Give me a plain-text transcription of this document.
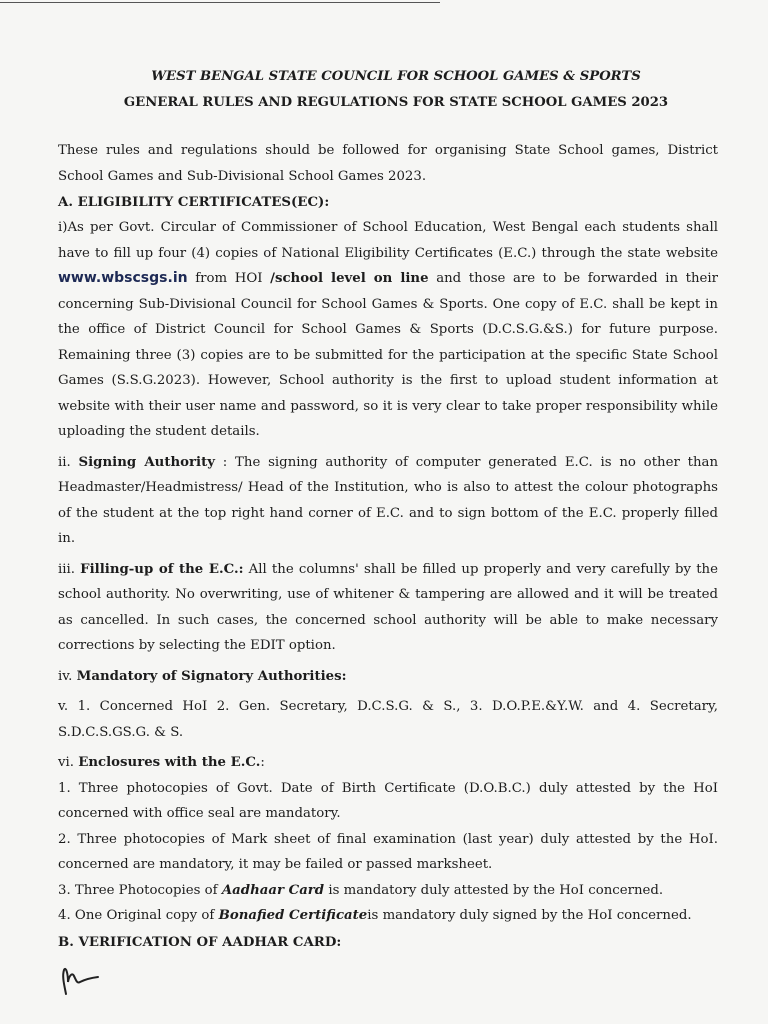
WEST BENGAL STATE COUNCIL FOR SCHOOL GAMES & SPORTS

GENERAL RULES AND REGULATIONS FOR STATE SCHOOL GAMES 2023

These rules and regulations should be followed for organising State School games, District School Games and Sub-Divisional School Games 2023.

A. ELIGIBILITY CERTIFICATES(EC):

i)As per Govt. Circular of Commissioner of School Education, West Bengal each students shall have to fill up four (4) copies of National Eligibility Certificates (E.C.) through the state website www.wbscsgs.in from HOI /school level on line and those are to be forwarded in their concerning Sub-Divisional Council for School Games & Sports. One copy of E.C. shall be kept in the office of District Council for School Games & Sports (D.C.S.G.&S.) for future purpose. Remaining three (3) copies are to be submitted for the participation at the specific State School Games (S.S.G.2023). However, School authority is the first to upload student information at website with their user name and password, so it is very clear to take proper responsibility while uploading the student details.

ii. Signing Authority : The signing authority of computer generated E.C. is no other than Headmaster/Headmistress/ Head of the Institution, who is also to attest the colour photographs of the student at the top right hand corner of E.C. and to sign bottom of the E.C. properly filled in.

iii. Filling-up of the E.C.: All the columns' shall be filled up properly and very carefully by the school authority. No overwriting, use of whitener & tampering are allowed and it will be treated as cancelled. In such cases, the concerned school authority will be able to make necessary corrections by selecting the EDIT option.

iv. Mandatory of Signatory Authorities:

v. 1. Concerned HoI 2. Gen. Secretary, D.C.S.G. & S., 3. D.O.P.E.&Y.W. and 4. Secretary, S.D.C.S.GS.G. & S.

vi. Enclosures with the E.C.:

1. Three photocopies of Govt. Date of Birth Certificate (D.O.B.C.) duly attested by the HoI concerned with office seal are mandatory.

2. Three photocopies of Mark sheet of final examination (last year) duly attested by the HoI. concerned are mandatory, it may be failed or passed marksheet.

3. Three Photocopies of Aadhaar Card is mandatory duly attested by the HoI concerned.

4. One Original copy of Bonafied Certificateis mandatory duly signed by the HoI concerned.

B. VERIFICATION OF AADHAR CARD:
